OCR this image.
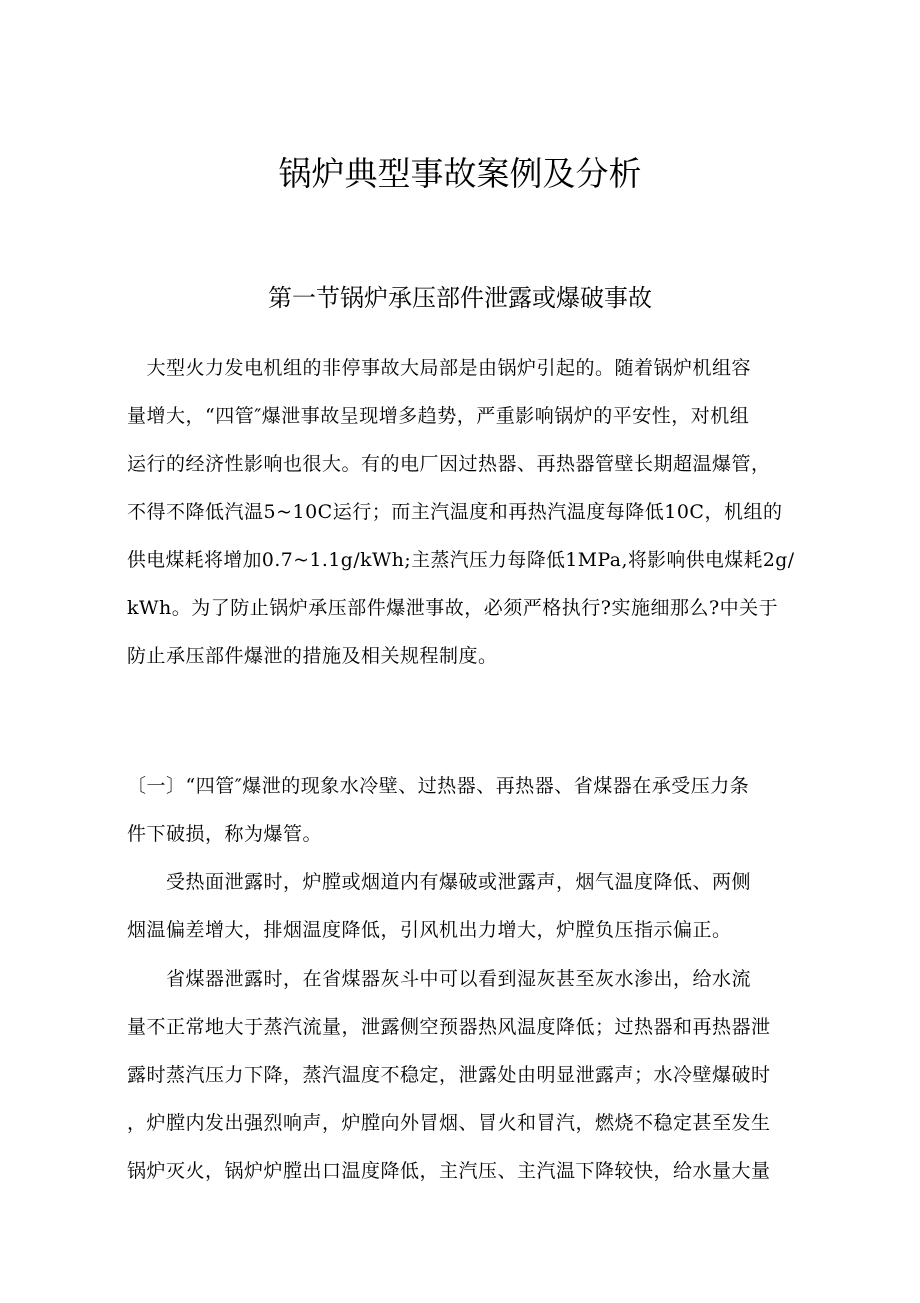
锅炉典型事故案例及分析
第一节锅炉承压部件泄露或爆破事故

　大型火力发电机组的非停事故大局部是由锅炉引起的。随着锅炉机组容
量增大，“四管″爆泄事故呈现增多趋势，严重影响锅炉的平安性，对机组
运行的经济性影响也很大。有的电厂因过热器、再热器管壁长期超温爆管，
不得不降低汽温5~10C运行；而主汽温度和再热汽温度每降低10C，机组的
供电煤耗将增加0.7~1.1g/kWh;主蒸汽压力每降低1MPa,将影响供电煤耗2g/
kWh。为了防止锅炉承压部件爆泄事故，必须严格执行?实施细那么?中关于
防止承压部件爆泄的措施及相关规程制度。

〔一〕“四管″爆泄的现象水冷壁、过热器、再热器、省煤器在承受压力条
件下破损，称为爆管。

　　受热面泄露时，炉膛或烟道内有爆破或泄露声，烟气温度降低、两侧
烟温偏差增大，排烟温度降低，引风机出力增大，炉膛负压指示偏正。

　　省煤器泄露时，在省煤器灰斗中可以看到湿灰甚至灰水渗出，给水流
量不正常地大于蒸汽流量，泄露侧空预器热风温度降低；过热器和再热器泄
露时蒸汽压力下降，蒸汽温度不稳定，泄露处由明显泄露声；水冷壁爆破时
，炉膛内发出强烈响声，炉膛向外冒烟、冒火和冒汽，燃烧不稳定甚至发生
锅炉灭火，锅炉炉膛出口温度降低，主汽压、主汽温下降较快，给水量大量
